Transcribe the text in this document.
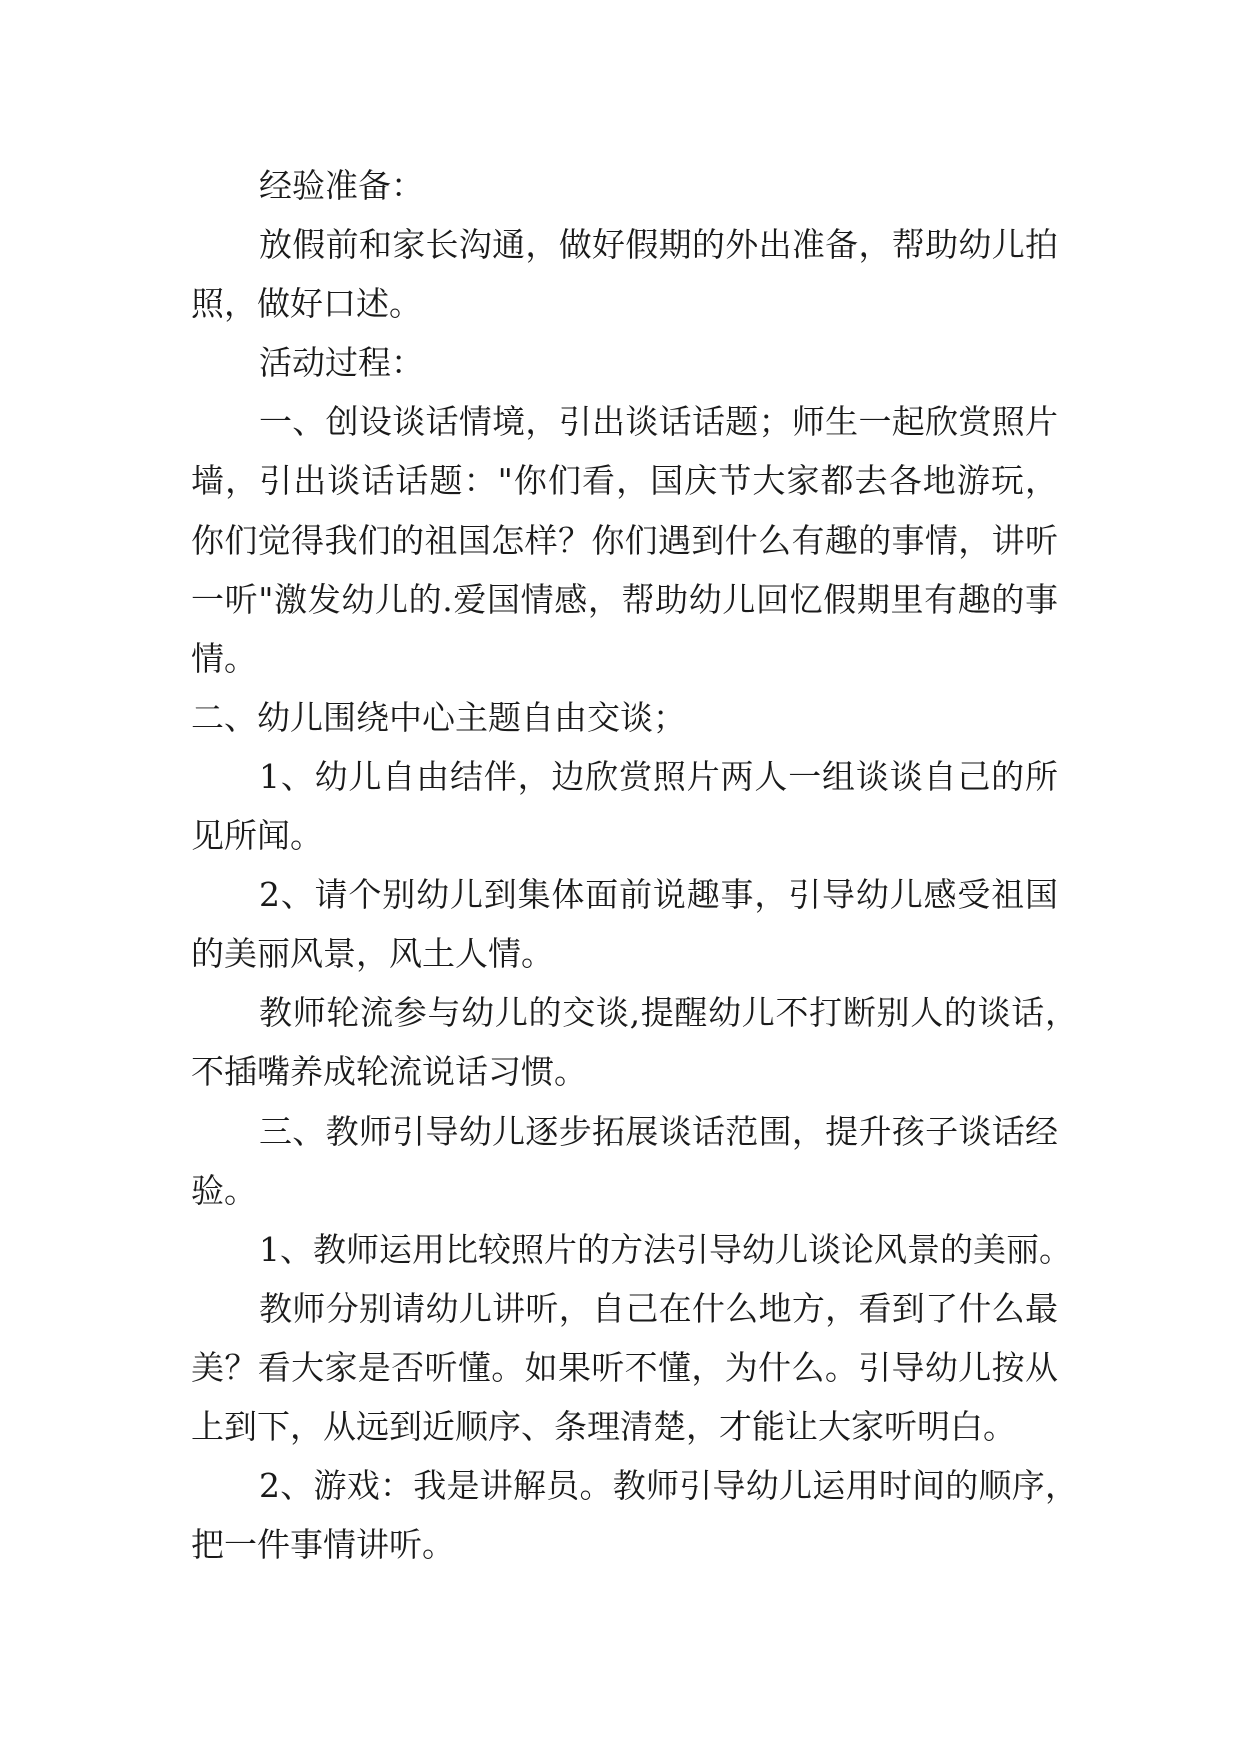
经验准备：
放假前和家长沟通，做好假期的外出准备，帮助幼儿拍
照，做好口述。
活动过程：
一、创设谈话情境，引出谈话话题；师生一起欣赏照片
墙，引出谈话话题："你们看，国庆节大家都去各地游玩，
你们觉得我们的祖国怎样？你们遇到什么有趣的事情，讲听
一听"激发幼儿的.爱国情感，帮助幼儿回忆假期里有趣的事
情。
二、幼儿围绕中心主题自由交谈；
1、幼儿自由结伴，边欣赏照片两人一组谈谈自己的所
见所闻。
2、请个别幼儿到集体面前说趣事，引导幼儿感受祖国
的美丽风景，风土人情。
教师轮流参与幼儿的交谈,提醒幼儿不打断别人的谈话，
不插嘴养成轮流说话习惯。
三、教师引导幼儿逐步拓展谈话范围，提升孩子谈话经
验。
1、教师运用比较照片的方法引导幼儿谈论风景的美丽。
教师分别请幼儿讲听，自己在什么地方，看到了什么最
美？看大家是否听懂。如果听不懂，为什么。引导幼儿按从
上到下，从远到近顺序、条理清楚，才能让大家听明白。
2、游戏：我是讲解员。教师引导幼儿运用时间的顺序，
把一件事情讲听。
